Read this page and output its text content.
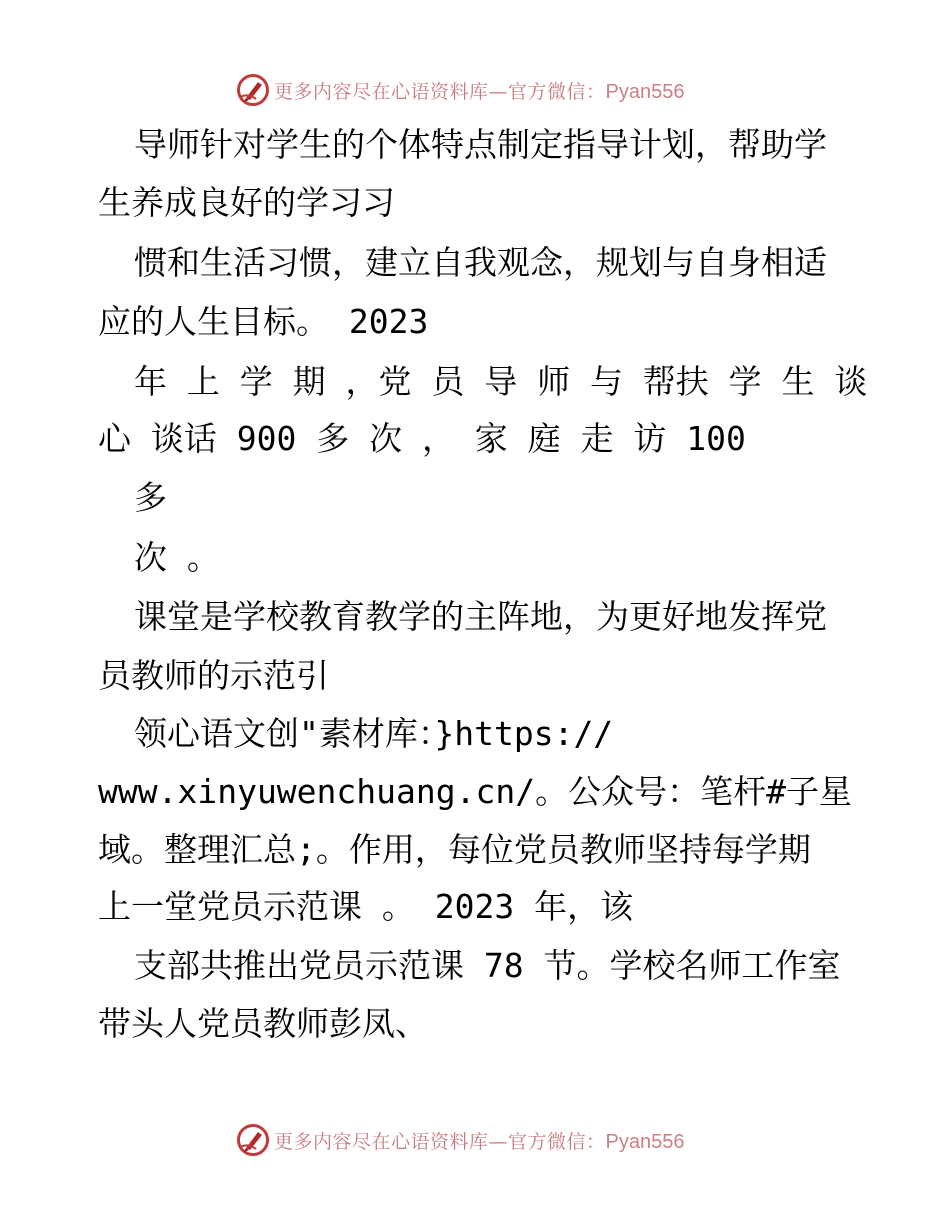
更多内容尽在心语资料库—官方微信：Pyan556
导师针对学生的个体特点制定指导计划，帮助学
生养成良好的学习习
惯和生活习惯，建立自我观念，规划与自身相适
应的人生目标。 2023
年 上 学 期 ，党 员 导 师 与 帮扶 学 生 谈
心 谈话 900 多 次 ， 家 庭 走 访 100
多
次 。
课堂是学校教育教学的主阵地，为更好地发挥党
员教师的示范引
领心语文创"素材库：}https://
www.xinyuwenchuang.cn/。公众号：笔杆#子星
域。整理汇总;。作用，每位党员教师坚持每学期
上一堂党员示范课 。 2023 年，该
支部共推出党员示范课 78 节。学校名师工作室
带头人党员教师彭凤、
更多内容尽在心语资料库—官方微信：Pyan556
